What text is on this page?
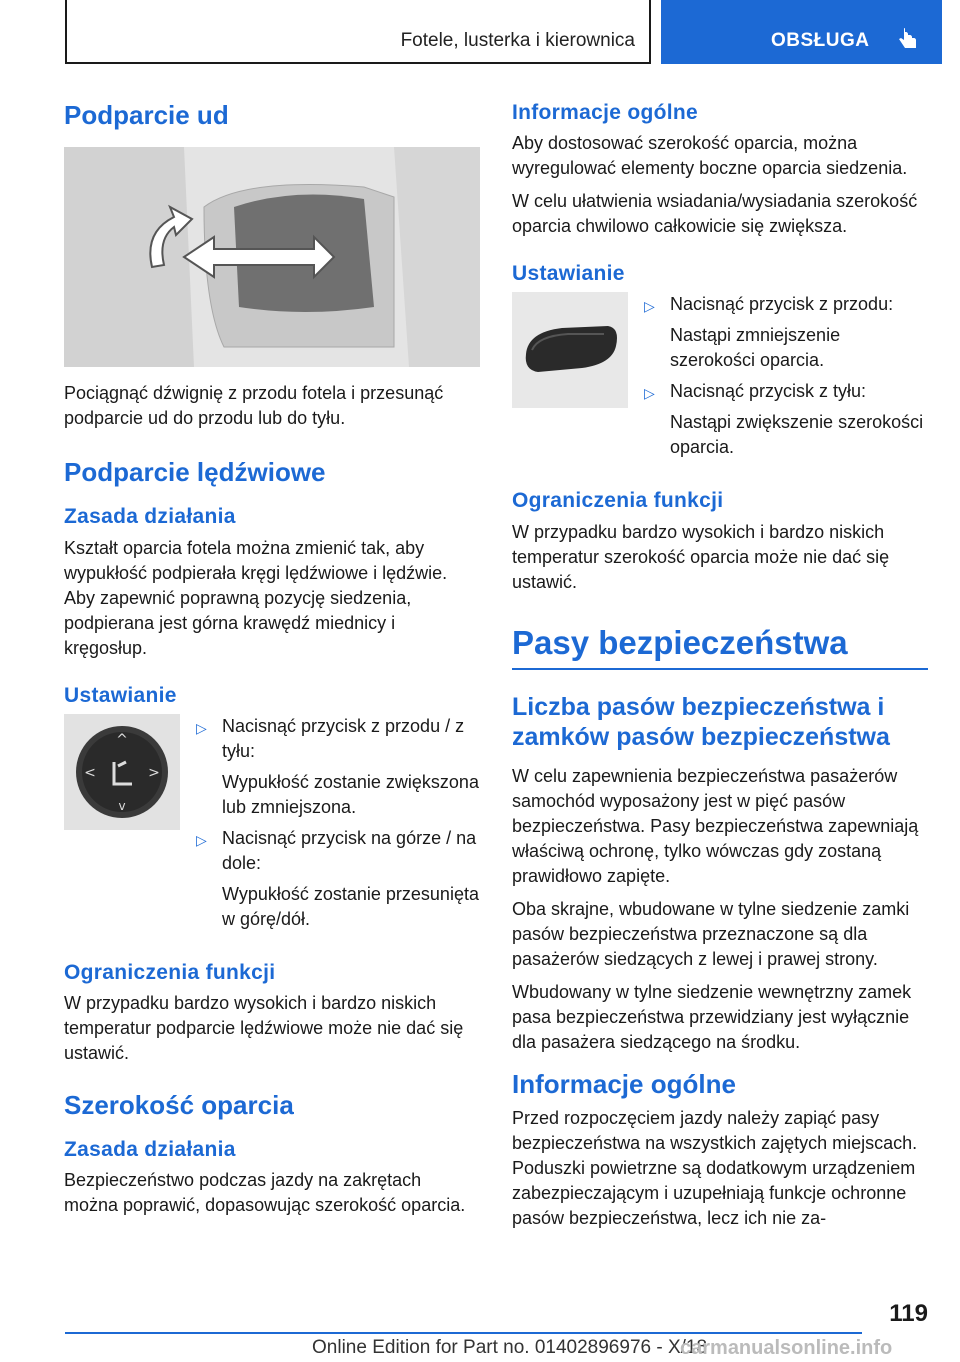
Fotele, lusterka i kierownica	OBSŁUGA
Podparcie ud

Pociągnąć dźwignię z przodu fotela i przesunąć podparcie ud do przodu lub do tyłu.

Podparcie lędźwiowe
Zasada działania

Kształt oparcia fotela można zmienić tak, aby wypukłość podpierała kręgi lędźwiowe i lędźwie. Aby zapewnić poprawną pozycję siedzenia, podpierana jest górna krawędź miednicy i kręgosłup.

Ustawianie
^
v
<	>
▷ Nacisnąć przycisk z przodu / z tyłu:
Wypukłość zostanie zwiększona lub zmniejszona.
▷ Nacisnąć przycisk na górze / na dole:
Wypukłość zostanie przesunięta w górę/dół.
Ograniczenia funkcji

W przypadku bardzo wysokich i bardzo niskich temperatur podparcie lędźwiowe może nie dać się ustawić.

Szerokość oparcia
Zasada działania

Bezpieczeństwo podczas jazdy na zakrętach można poprawić, dopasowując szerokość oparcia.

Informacje ogólne

Aby dostosować szerokość oparcia, można wyregulować elementy boczne oparcia siedzenia.

W celu ułatwienia wsiadania/wysiadania szerokość oparcia chwilowo całkowicie się zwiększa.

Ustawianie
▷ Nacisnąć przycisk z przodu:
Nastąpi zmniejszenie szerokości oparcia.
▷ Nacisnąć przycisk z tyłu:
Nastąpi zwiększenie szerokości oparcia.
Ograniczenia funkcji

W przypadku bardzo wysokich i bardzo niskich temperatur szerokość oparcia może nie dać się ustawić.

Pasy bezpieczeństwa
Liczba pasów bezpieczeństwa i zamków pasów bezpieczeństwa

W celu zapewnienia bezpieczeństwa pasażerów samochód wyposażony jest w pięć pasów bezpieczeństwa. Pasy bezpieczeństwa zapewniają właściwą ochronę, tylko wówczas gdy zostaną prawidłowo zapięte.

Oba skrajne, wbudowane w tylne siedzenie zamki pasów bezpieczeństwa przeznaczone są dla pasażerów siedzących z lewej i prawej strony.

Wbudowany w tylne siedzenie wewnętrzny zamek pasa bezpieczeństwa przewidziany jest wyłącznie dla pasażera siedzącego na środku.

Informacje ogólne

Przed rozpoczęciem jazdy należy zapiąć pasy bezpieczeństwa na wszystkich zajętych miejscach. Poduszki powietrzne są dodatkowym urządzeniem zabezpieczającym i uzupełniają funkcje ochronne pasów bezpieczeństwa, lecz ich nie za-

119
Online Edition for Part no. 01402896976 - X/18
carmanualsonline.info
